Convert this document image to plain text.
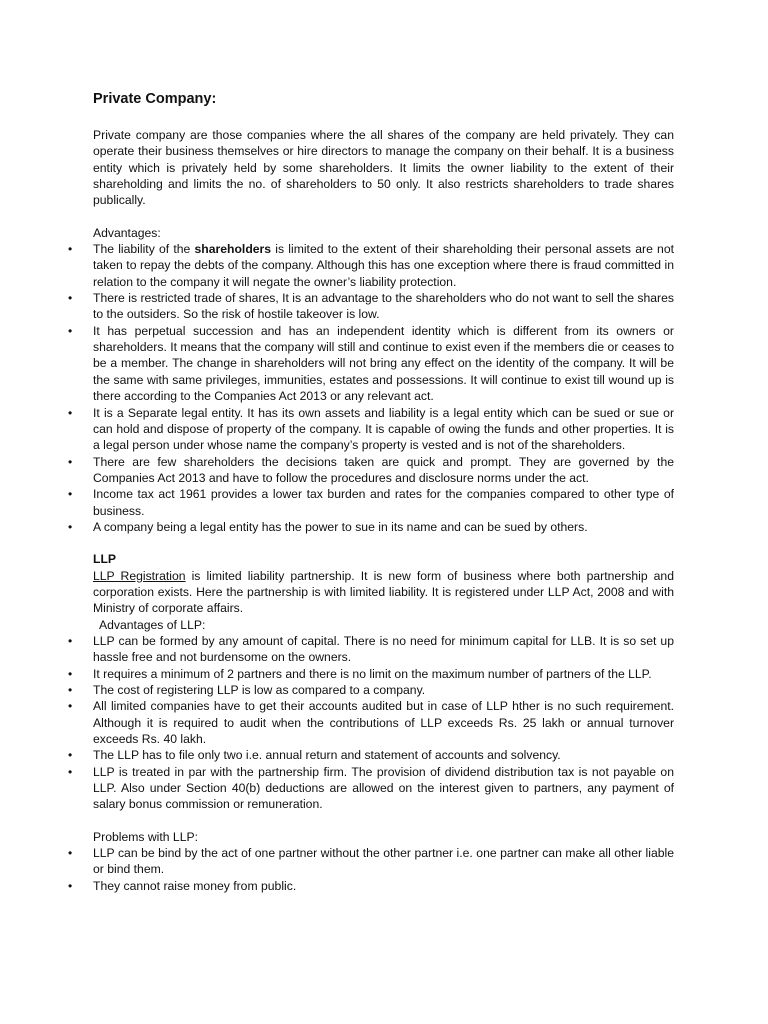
Private Company:

Private company are those companies where the all shares of the company are held privately. They can operate their business themselves or hire directors to manage the company on their behalf. It is a business entity which is privately held by some shareholders. It limits the owner liability to the extent of their shareholding and limits the no. of shareholders to 50 only. It also restricts shareholders to trade shares publically.

Advantages:
• The liability of the shareholders is limited to the extent of their shareholding their personal assets are not taken to repay the debts of the company. Although this has one exception where there is fraud committed in relation to the company it will negate the owner’s liability protection.
• There is restricted trade of shares, It is an advantage to the shareholders who do not want to sell the shares to the outsiders. So the risk of hostile takeover is low.
• It has perpetual succession and has an independent identity which is different from its owners or shareholders. It means that the company will still and continue to exist even if the members die or ceases to be a member. The change in shareholders will not bring any effect on the identity of the company. It will be the same with same privileges, immunities, estates and possessions. It will continue to exist till wound up is there according to the Companies Act 2013 or any relevant act.
• It is a Separate legal entity. It has its own assets and liability is a legal entity which can be sued or sue or can hold and dispose of property of the company. It is capable of owing the funds and other properties. It is a legal person under whose name the company’s property is vested and is not of the shareholders.
• There are few shareholders the decisions taken are quick and prompt. They are governed by the Companies Act 2013 and have to follow the procedures and disclosure norms under the act.
• Income tax act 1961 provides a lower tax burden and rates for the companies compared to other type of business.
• A company being a legal entity has the power to sue in its name and can be sued by others.
LLP

LLP Registration is limited liability partnership. It is new form of business where both partnership and corporation exists. Here the partnership is with limited liability. It is registered under LLP Act, 2008 and with Ministry of corporate affairs.

Advantages of LLP:
• LLP can be formed by any amount of capital. There is no need for minimum capital for LLB. It is so set up hassle free and not burdensome on the owners.
• It requires a minimum of 2 partners and there is no limit on the maximum number of partners of the LLP.
• The cost of registering LLP is low as compared to a company.
• All limited companies have to get their accounts audited but in case of LLP hther is no such requirement. Although it is required to audit when the contributions of LLP exceeds Rs. 25 lakh or annual turnover exceeds Rs. 40 lakh.
• The LLP has to file only two i.e. annual return and statement of accounts and solvency.
• LLP is treated in par with the partnership firm. The provision of dividend distribution tax is not payable on LLP. Also under Section 40(b) deductions are allowed on the interest given to partners, any payment of salary bonus commission or remuneration.
Problems with LLP:
• LLP can be bind by the act of one partner without the other partner i.e. one partner can make all other liable or bind them.
• They cannot raise money from public.
